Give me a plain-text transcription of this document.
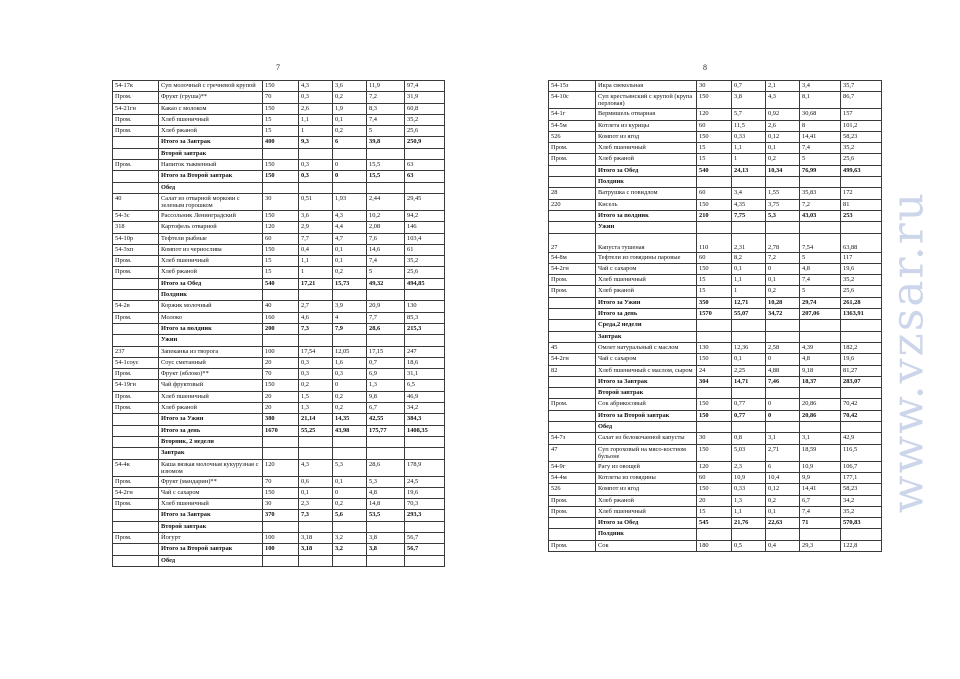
7	8
54-17к	Суп молочный с гречневой крупой	150	4,3	3,6	11,9	97,4
Пром.	Фрукт (груша)**	70	0,3	0,2	7,2	31,9
54-21гн	Какао с молоком	150	2,6	1,9	8,3	60,8
Пром.	Хлеб пшеничный	15	1,1	0,1	7,4	35,2
Пром.	Хлеб ржаной	15	1	0,2	5	25,6
	Итого за Завтрак	400	9,3	6	39,8	250,9
	Второй завтрак					
Пром.	Напиток тыквенный	150	0,3	0	15,5	63
	Итого за Второй завтрак	150	0,3	0	15,5	63
	Обед					
40	Салат из отварной моркови с зеленым горошком	30	0,51	1,93	2,44	29,45
54-3с	Рассольник Ленинградский	150	3,6	4,3	10,2	94,2
318	Картофель отварной	120	2,9	4,4	2,08	146
54-10р	Тефтели рыбные	60	7,7	4,7	7,6	103,4
54-3хп	Компот из чернослива	150	0,4	0,1	14,6	61
Пром.	Хлеб пшеничный	15	1,1	0,1	7,4	35,2
Пром.	Хлеб ржаной	15	1	0,2	5	25,6
	Итого за Обед	540	17,21	15,73	49,32	494,85
	Полдник					
54-2в	Коржик молочный	40	2,7	3,9	20,9	130
Пром.	Молоко	160	4,6	4	7,7	85,3
	Итого за полдник	200	7,3	7,9	28,6	215,3
	Ужин					
237	Запеканка из творога	100	17,54	12,05	17,15	247
54-1соус	Соус сметанный	20	0,3	1,6	0,7	18,6
Пром.	Фрукт (яблоко)**	70	0,3	0,3	6,9	31,1
54-19гн	Чай фруктовый	150	0,2	0	1,3	6,5
Пром.	Хлеб пшеничный	20	1,5	0,2	9,8	46,9
Пром.	Хлеб ржаной	20	1,3	0,2	6,7	34,2
	Итого за Ужин	380	21,14	14,35	42,55	384,3
	Итого за день	1670	55,25	43,98	175,77	1408,35
	Вторник, 2 недели					
	Завтрак					
54-4к	Каша вязкая молочная кукурузная с изюмом	120	4,3	5,3	28,6	178,9
Пром.	Фрукт (мандарин)**	70	0,6	0,1	5,3	24,5
54-2гн	Чай с сахаром	150	0,1	0	4,8	19,6
Пром.	Хлеб пшеничный	30	2,3	0,2	14,8	70,3
	Итого за Завтрак	370	7,3	5,6	53,5	293,3
	Второй завтрак					
Пром.	Йогурт	100	3,18	3,2	3,8	56,7
	Итого за Второй завтрак	100	3,18	3,2	3,8	56,7
	Обед					
54-15з	Икра свекольная	30	0,7	2,1	3,4	35,7
54-10с	Суп крестьянский с крупой (крупа перловая)	150	3,8	4,3	8,1	86,7
54-1г	Вермишель отварная	120	5,7	0,92	30,68	157
54-5м	Котлета из курицы	60	11,5	2,6	8	101,2
526	Компот из ягод	150	0,33	0,12	14,41	58,23
Пром.	Хлеб пшеничный	15	1,1	0,1	7,4	35,2
Пром.	Хлеб ржаной	15	1	0,2	5	25,6
	Итого за Обед	540	24,13	10,34	76,99	499,63
	Полдник					
28	Ватрушка с повидлом	60	3,4	1,55	35,83	172
220	Кисель	150	4,35	3,75	7,2	81
	Итого за полдник	210	7,75	5,3	43,03	253
	Ужин					
27	Капуста тушеная	110	2,31	2,78	7,54	63,88
54-8м	Тефтели из говядины паровые	60	8,2	7,2	5	117
54-2гн	Чай с сахаром	150	0,1	0	4,8	19,6
Пром.	Хлеб пшеничный	15	1,1	0,1	7,4	35,2
Пром.	Хлеб ржаной	15	1	0,2	5	25,6
	Итого за Ужин	350	12,71	10,28	29,74	261,28
	Итого за день	1570	55,07	34,72	207,06	1363,91
	Среда,2 недели					
	Завтрак					
45	Омлет натуральный с маслом	130	12,36	2,58	4,39	182,2
54-2гн	Чай с сахаром	150	0,1	0	4,8	19,6
82	Хлеб пшеничный с маслом, сыром	24	2,25	4,88	9,18	81,27
	Итого за Завтрак	304	14,71	7,46	18,37	283,07
	Второй завтрак					
Пром.	Сок абрикосовый	150	0,77	0	20,86	70,42
	Итого за Второй завтрак	150	0,77	0	20,86	70,42
	Обед					
54-7з	Салат из белокочанной капусты	30	0,8	3,1	3,1	42,9
47	Суп гороховый на мясо-костном бульоне	150	5,03	2,71	18,59	116,5
54-9г	Рагу из овощей	120	2,3	6	10,9	106,7
54-4м	Котлеты из говядины	60	10,9	10,4	9,9	177,1
526	Компот из ягод	150	0,33	0,12	14,41	58,23
Пром.	Хлеб ржаной	20	1,3	0,2	6,7	34,2
Пром.	Хлеб пшеничный	15	1,1	0,1	7,4	35,2
	Итого за Обед	545	21,76	22,63	71	570,83
	Полдник					
Пром.	Сок	180	0,5	0,4	29,3	122,8
www.vzsar.ru
